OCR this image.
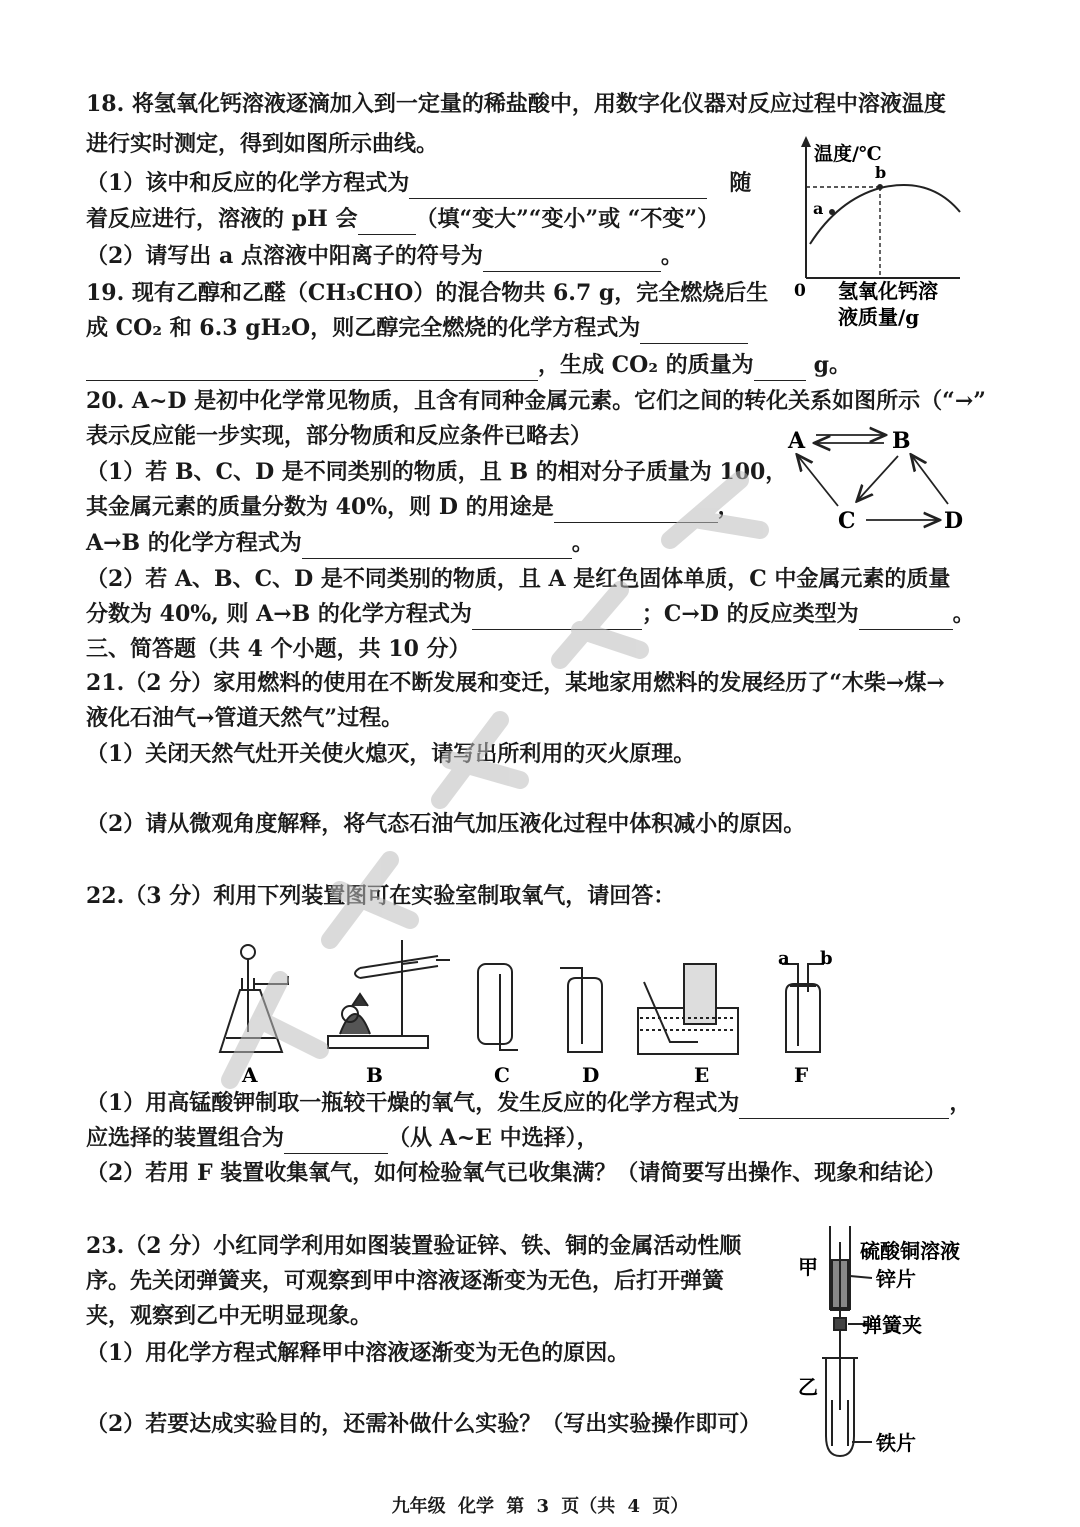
18. 将氢氧化钙溶液逐滴加入到一定量的稀盐酸中，用数字化仪器对反应过程中溶液温度
进行实时测定，得到如图所示曲线。
（1）该中和反应的化学方程式为	随
着反应进行，溶液的 pH 会	（填“变大”“变小”或 “不变”）
（2）请写出 a 点溶液中阳离子的符号为	。
温度/℃
a
b
0 氢氧化钙溶
液质量/g
19. 现有乙醇和乙醛（CH₃CHO）的混合物共 6.7 g，完全燃烧后生
成 CO₂ 和 6.3 gH₂O，则乙醇完全燃烧的化学方程式为
，生成 CO₂ 的质量为	g。
20. A~D 是初中化学常见物质，且含有同种金属元素。它们之间的转化关系如图所示（“→”
表示反应能一步实现，部分物质和反应条件已略去）
（1）若 B、C、D 是不同类别的物质，且 B 的相对分子质量为 100，
其金属元素的质量分数为 40%，则 D 的用途是	，
A→B 的化学方程式为	。
（2）若 A、B、C、D 是不同类别的物质，且 A 是红色固体单质，C 中金属元素的质量
分数为 40%, 则 A→B 的化学方程式为	；C→D 的反应类型为	。
A	B
C	D
三、简答题（共 4 个小题，共 10 分）
21.（2 分）家用燃料的使用在不断发展和变迁，某地家用燃料的发展经历了“木柴→煤→
液化石油气→管道天然气”过程。
（1）关闭天然气灶开关使火熄灭，请写出所利用的灭火原理。
（2）请从微观角度解释，将气态石油气加压液化过程中体积减小的原因。
22.（3 分）利用下列装置图可在实验室制取氧气，请回答：
a b
A	B	C	D	E	F
（1）用高锰酸钾制取一瓶较干燥的氧气，发生反应的化学方程式为	，
应选择的装置组合为	（从 A~E 中选择），
（2）若用 F 装置收集氧气，如何检验氧气已收集满？（请简要写出操作、现象和结论）
23.（2 分）小红同学利用如图装置验证锌、铁、铜的金属活动性顺
序。先关闭弹簧夹，可观察到甲中溶液逐渐变为无色，后打开弹簧
夹，观察到乙中无明显现象。
（1）用化学方程式解释甲中溶液逐渐变为无色的原因。
（2）若要达成实验目的，还需补做什么实验？（写出实验操作即可）
甲
乙
硫酸铜溶液
锌片
弹簧夹
铁片
九年级 化学 第 3 页（共 4 页）
